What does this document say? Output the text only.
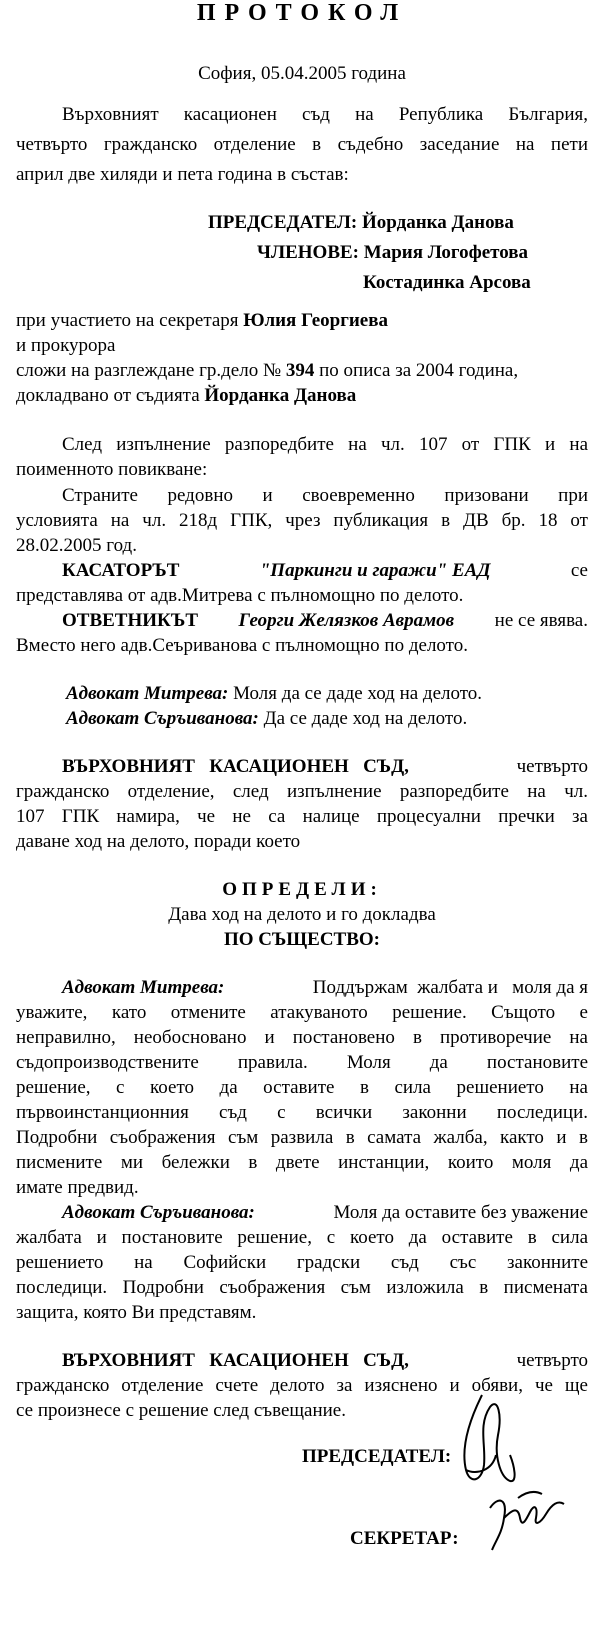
ПРОТОКОЛ
София, 05.04.2005 година
Върховният касационен съд на Република България,
четвърто гражданско отделение в съдебно заседание на пети
април две хиляди и пета година в състав:
ПРЕДСЕДАТЕЛ: Йорданка Данова
ЧЛЕНОВЕ: Мария Логофетова
Костадинка Арсова
при участието на секретаря Юлия Георгиева
и прокурора
сложи на разглеждане гр.дело № 394 по описа за 2004 година,
докладвано от съдията Йорданка Данова
След изпълнение разпоредбите на чл. 107 от ГПК и на
поименното повикване:
Страните редовно и своевременно призовани при
условията на чл. 218д ГПК, чрез публикация в ДВ бр. 18 от
28.02.2005 год.
КАСАТОРЪТ	"Паркинги и гаражи" ЕАД	се
представлява от адв.Митрева с пълномощно по делото.
ОТВЕТНИКЪТ Георги Желязков Аврамов не се явява.
Вместо него адв.Сеъриванова с пълномощно по делото.
Адвокат Митрева: Моля да се даде ход на делото.
Адвокат Съръиванова: Да се даде ход на делото.
ВЪРХОВНИЯТ   КАСАЦИОНЕН   СЪД,	четвърто
гражданско отделение, след изпълнение разпоредбите на чл.
107 ГПК намира, че не са налице процесуални пречки за
даване ход на делото, поради което
ОПРЕДЕЛИ:
Дава ход на делото и го докладва
ПО СЪЩЕСТВО:
Адвокат Митрева:	Поддържам  жалбата и   моля да я
уважите, като отмените атакуваното решение. Същото е
неправилно, необосновано и постановено в противоречие на
съдопроизводствените правила. Моля да постановите
решение, с което да оставите в сила решението на
първоинстанционния съд с всички законни последици.
Подробни съображения съм развила в самата жалба, както и в
писмените ми бележки в двете инстанции, които моля да
имате предвид.
Адвокат Съръиванова:	Моля да оставите без уважение
жалбата и постановите решение, с което да оставите в сила
решението на Софийски градски съд със законните
последици. Подробни съображения съм изложила в писмената
защита, която Ви представям.
ВЪРХОВНИЯТ   КАСАЦИОНЕН   СЪД,	четвърто
гражданско отделение счете делото за изяснено и обяви, че ще
се произнесе с решение след съвещание.
ПРЕДСЕДАТЕЛ:
СЕКРЕТАР:
